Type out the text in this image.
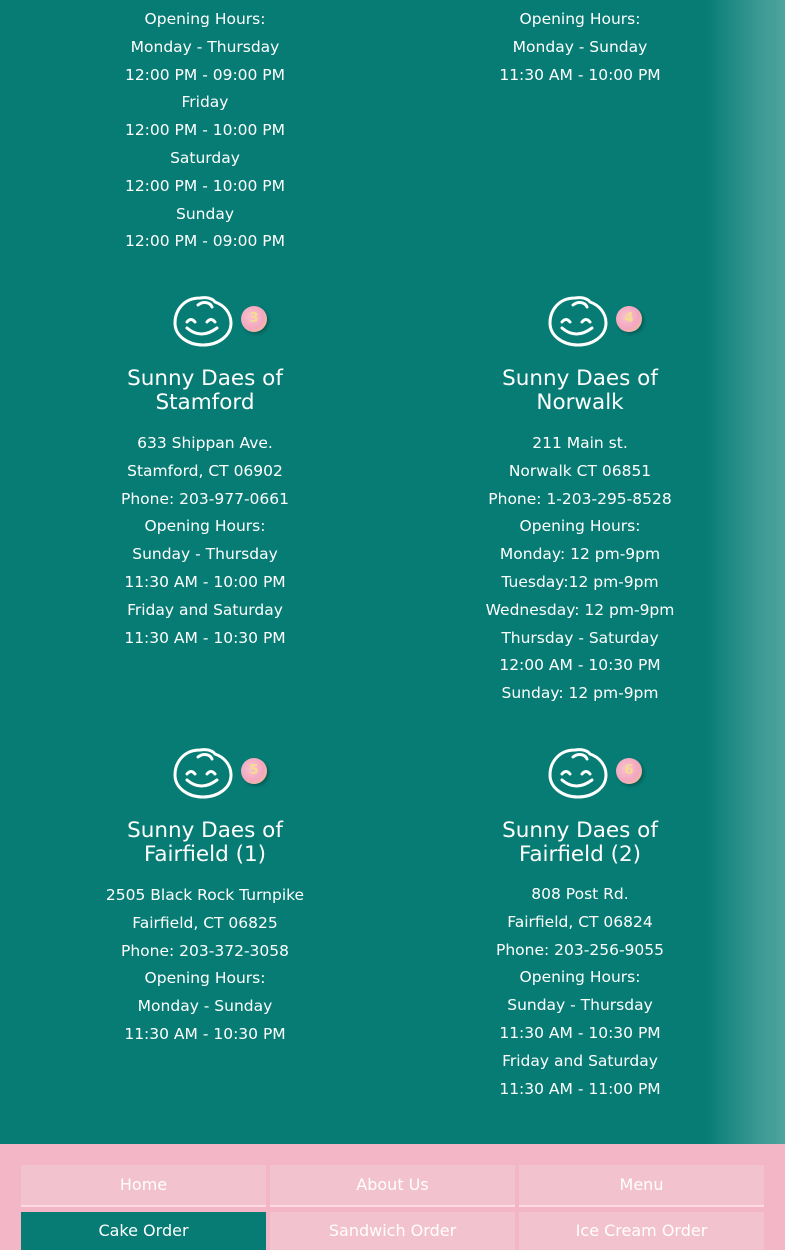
Opening Hours:
Monday - Thursday
12:00 PM - 09:00 PM
Friday
12:00 PM - 10:00 PM
Saturday
12:00 PM - 10:00 PM
Sunday
12:00 PM - 09:00 PM
Opening Hours:
Monday - Sunday
11:30 AM - 10:00 PM
3
Sunny Daes of
Stamford
633 Shippan Ave.
Stamford, CT 06902
Phone: 203-977-0661
Opening Hours:
Sunday - Thursday
11:30 AM - 10:00 PM
Friday and Saturday
11:30 AM - 10:30 PM
4
Sunny Daes of
Norwalk
211 Main st.
Norwalk CT 06851
Phone: 1-203-295-8528
Opening Hours:
Monday: 12 pm-9pm
Tuesday:12 pm-9pm
Wednesday: 12 pm-9pm
Thursday - Saturday
12:00 AM - 10:30 PM
Sunday: 12 pm-9pm
5
Sunny Daes of
Fairfield (1)
2505 Black Rock Turnpike
Fairfield, CT 06825
Phone: 203-372-3058
Opening Hours:
Monday - Sunday
11:30 AM - 10:30 PM
6
Sunny Daes of
Fairfield (2)
808 Post Rd.
Fairfield, CT 06824
Phone: 203-256-9055
Opening Hours:
Sunday - Thursday
11:30 AM - 10:30 PM
Friday and Saturday
11:30 AM - 11:00 PM
Home	About Us	Menu
Cake Order	Sandwich Order	Ice Cream Order
